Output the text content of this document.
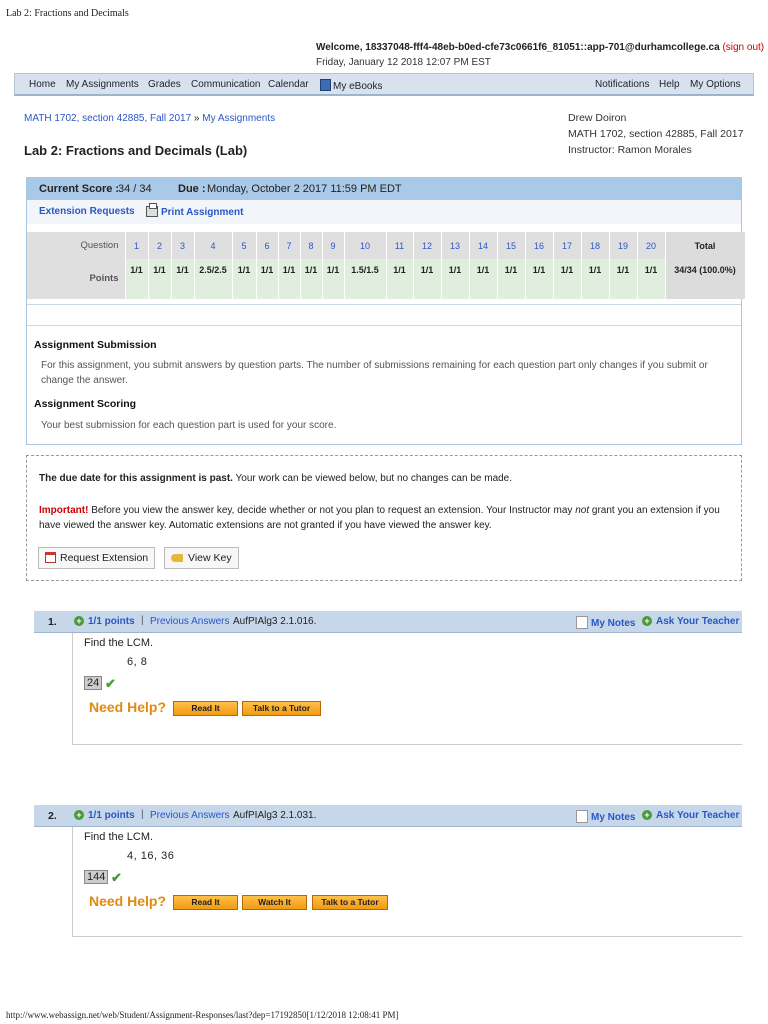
Lab 2: Fractions and Decimals
Welcome, 18337048-fff4-48eb-b0ed-cfe73c0661f6_81051::app-701@durhamcollege.ca (sign out)
Friday, January 12 2018 12:07 PM EST
Home My Assignments Grades Communication Calendar	My eBooks	Notifications Help My Options
MATH 1702, section 42885, Fall 2017 » My Assignments
Lab 2: Fractions and Decimals (Lab)
Drew Doiron
MATH 1702, section 42885, Fall 2017
Instructor: Ramon Morales
Current Score :
34 / 34 Due : Monday, October 2 2017 11:59 PM EDT
Extension Requests	Print Assignment
Question	1	2	3	4	5	6	7	8	9	10	11	12	13	14	15	16	17	18	19	20	Total
Points	1/1	1/1	1/1	2.5/2.5	1/1	1/1	1/1	1/1	1/1	1.5/1.5	1/1	1/1	1/1	1/1	1/1	1/1	1/1	1/1	1/1	1/1	34/34 (100.0%)
Assignment Submission
For this assignment, you submit answers by question parts. The number of submissions remaining for each question part only changes if you submit or change the answer.
Assignment Scoring
Your best submission for each question part is used for your score.
The due date for this assignment is past. Your work can be viewed below, but no changes can be made.
Important! Before you view the answer key, decide whether or not you plan to request an extension. Your Instructor may not grant you an extension if you have viewed the answer key. Automatic extensions are not granted if you have viewed the answer key.
Request Extension	View Key
1. + 1/1 points | Previous Answers AufPIAlg3 2.1.016.	My Notes + Ask Your Teacher
Find the LCM.
6, 8
24 ✔
Need Help?	Read It	Talk to a Tutor
2. + 1/1 points | Previous Answers AufPIAlg3 2.1.031.	My Notes + Ask Your Teacher
Find the LCM.
4, 16, 36
144 ✔
Need Help?	Read It	Watch It	Talk to a Tutor
http://www.webassign.net/web/Student/Assignment-Responses/last?dep=17192850[1/12/2018 12:08:41 PM]
